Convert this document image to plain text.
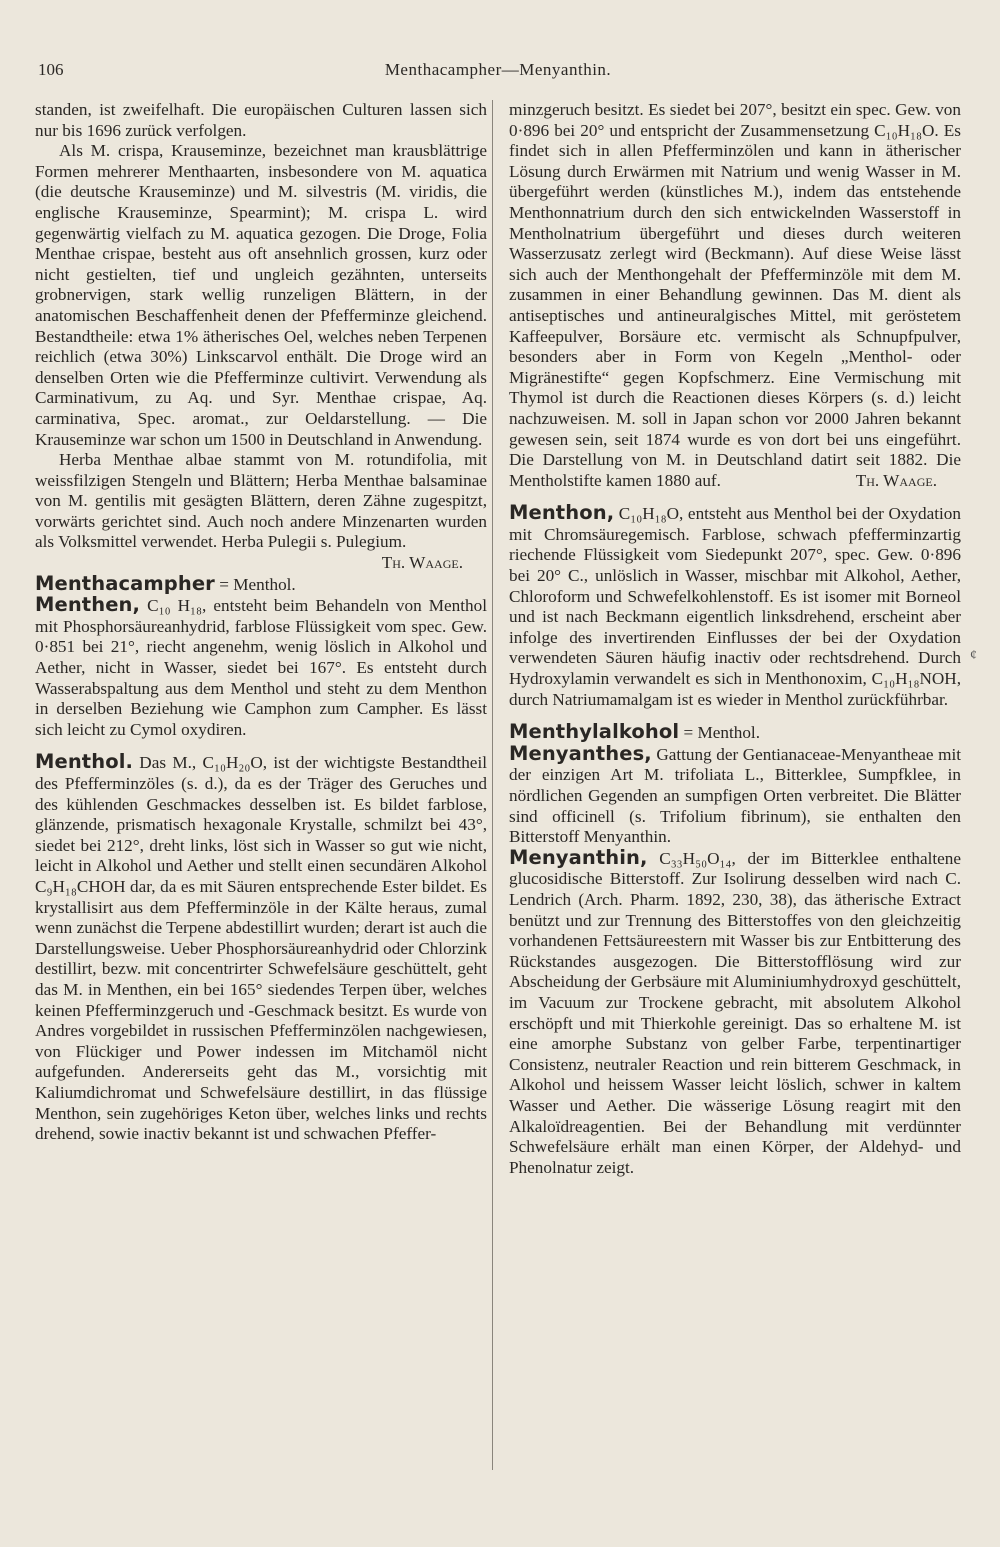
106	Menthacampher—Menyanthin.

standen, ist zweifelhaft. Die europäischen Culturen lassen sich nur bis 1696 zurück verfolgen.

Als M. crispa, Krauseminze, bezeichnet man krausblättrige Formen mehrerer Menthaarten, insbesondere von M. aquatica (die deutsche Krauseminze) und M. silvestris (M. viridis, die englische Krauseminze, Spearmint); M. crispa L. wird gegenwärtig vielfach zu M. aquatica gezogen. Die Droge, Folia Menthae crispae, besteht aus oft ansehnlich grossen, kurz oder nicht gestielten, tief und ungleich gezähnten, unterseits grobnervigen, stark wellig runzeligen Blättern, in der anatomischen Beschaffenheit denen der Pfefferminze gleichend. Bestandtheile: etwa 1% ätherisches Oel, welches neben Terpenen reichlich (etwa 30%) Linkscarvol enthält. Die Droge wird an denselben Orten wie die Pfefferminze cultivirt. Verwendung als Carminativum, zu Aq. und Syr. Menthae crispae, Aq. carminativa, Spec. aromat., zur Oeldarstellung. — Die Krauseminze war schon um 1500 in Deutschland in Anwendung.

Herba Menthae albae stammt von M. rotundifolia, mit weissfilzigen Stengeln und Blättern; Herba Menthae balsaminae von M. gentilis mit gesägten Blättern, deren Zähne zugespitzt, vorwärts gerichtet sind. Auch noch andere Minzenarten wurden als Volksmittel verwendet. Herba Pulegii s. Pulegium.
Th. Waage.

Menthacampher = Menthol.

Menthen, C₁₀ H₁₈, entsteht beim Behandeln von Menthol mit Phosphorsäureanhydrid, farblose Flüssigkeit vom spec. Gew. 0·851 bei 21°, riecht angenehm, wenig löslich in Alkohol und Aether, nicht in Wasser, siedet bei 167°. Es entsteht durch Wasserabspaltung aus dem Menthol und steht zu dem Menthon in derselben Beziehung wie Camphon zum Campher. Es lässt sich leicht zu Cymol oxydiren.

Menthol. Das M., C₁₀H₂₀O, ist der wichtigste Bestandtheil des Pfefferminzöles (s. d.), da es der Träger des Geruches und des kühlenden Geschmackes desselben ist. Es bildet farblose, glänzende, prismatisch hexagonale Krystalle, schmilzt bei 43°, siedet bei 212°, dreht links, löst sich in Wasser so gut wie nicht, leicht in Alkohol und Aether und stellt einen secundären Alkohol C₉H₁₈CHOH dar, da es mit Säuren entsprechende Ester bildet. Es krystallisirt aus dem Pfefferminzöle in der Kälte heraus, zumal wenn zunächst die Terpene abdestillirt wurden; derart ist auch die Darstellungsweise. Ueber Phosphorsäureanhydrid oder Chlorzink destillirt, bezw. mit concentrirter Schwefelsäure geschüttelt, geht das M. in Menthen, ein bei 165° siedendes Terpen über, welches keinen Pfefferminzgeruch und -Geschmack besitzt. Es wurde von Andres vorgebildet in russischen Pfefferminzölen nachgewiesen, von Flückiger und Power indessen im Mitchamöl nicht aufgefunden. Andererseits geht das M., vorsichtig mit Kaliumdichromat und Schwefelsäure destillirt, in das flüssige Menthon, sein zugehöriges Keton über, welches links und rechts drehend, sowie inactiv bekannt ist und schwachen Pfeffer-

minzgeruch besitzt. Es siedet bei 207°, besitzt ein spec. Gew. von 0·896 bei 20° und entspricht der Zusammensetzung C₁₀H₁₈O. Es findet sich in allen Pfefferminzölen und kann in ätherischer Lösung durch Erwärmen mit Natrium und wenig Wasser in M. übergeführt werden (künstliches M.), indem das entstehende Menthonnatrium durch den sich entwickelnden Wasserstoff in Mentholnatrium übergeführt und dieses durch weiteren Wasserzusatz zerlegt wird (Beckmann). Auf diese Weise lässt sich auch der Menthongehalt der Pfefferminzöle mit dem M. zusammen in einer Behandlung gewinnen. Das M. dient als antiseptisches und antineuralgisches Mittel, mit geröstetem Kaffeepulver, Borsäure etc. vermischt als Schnupfpulver, besonders aber in Form von Kegeln „Menthol- oder Migränestifte“ gegen Kopfschmerz. Eine Vermischung mit Thymol ist durch die Reactionen dieses Körpers (s. d.) leicht nachzuweisen. M. soll in Japan schon vor 2000 Jahren bekannt gewesen sein, seit 1874 wurde es von dort bei uns eingeführt. Die Darstellung von M. in Deutschland datirt seit 1882. Die Mentholstifte kamen 1880 auf.	Th. Waage.

Menthon, C₁₀H₁₈O, entsteht aus Menthol bei der Oxydation mit Chromsäuregemisch. Farblose, schwach pfefferminzartig riechende Flüssigkeit vom Siedepunkt 207°, spec. Gew. 0·896 bei 20° C., unlöslich in Wasser, mischbar mit Alkohol, Aether, Chloroform und Schwefelkohlenstoff. Es ist isomer mit Borneol und ist nach Beckmann eigentlich linksdrehend, erscheint aber infolge des invertirenden Einflusses der bei der Oxydation verwendeten Säuren häufig inactiv oder rechtsdrehend. Durch Hydroxylamin verwandelt es sich in Menthonoxim, C₁₀H₁₈NOH, durch Natriumamalgam ist es wieder in Menthol zurückführbar.

Menthylalkohol = Menthol.

Menyanthes, Gattung der Gentianaceae-Menyantheae mit der einzigen Art M. trifoliata L., Bitterklee, Sumpfklee, in nördlichen Gegenden an sumpfigen Orten verbreitet. Die Blätter sind officinell (s. Trifolium fibrinum), sie enthalten den Bitterstoff Menyanthin.

Menyanthin, C₃₃H₅₀O₁₄, der im Bitterklee enthaltene glucosidische Bitterstoff. Zur Isolirung desselben wird nach C. Lendrich (Arch. Pharm. 1892, 230, 38), das ätherische Extract benützt und zur Trennung des Bitterstoffes von den gleichzeitig vorhandenen Fettsäureestern mit Wasser bis zur Entbitterung des Rückstandes ausgezogen. Die Bitterstofflösung wird zur Abscheidung der Gerbsäure mit Aluminiumhydroxyd geschüttelt, im Vacuum zur Trockene gebracht, mit absolutem Alkohol erschöpft und mit Thierkohle gereinigt. Das so erhaltene M. ist eine amorphe Substanz von gelber Farbe, terpentinartiger Consistenz, neutraler Reaction und rein bitterem Geschmack, in Alkohol und heissem Wasser leicht löslich, schwer in kaltem Wasser und Aether. Die wässerige Lösung reagirt mit den Alkaloïdreagentien. Bei der Behandlung mit verdünnter Schwefelsäure erhält man einen Körper, der Aldehyd- und Phenolnatur zeigt.

¢
